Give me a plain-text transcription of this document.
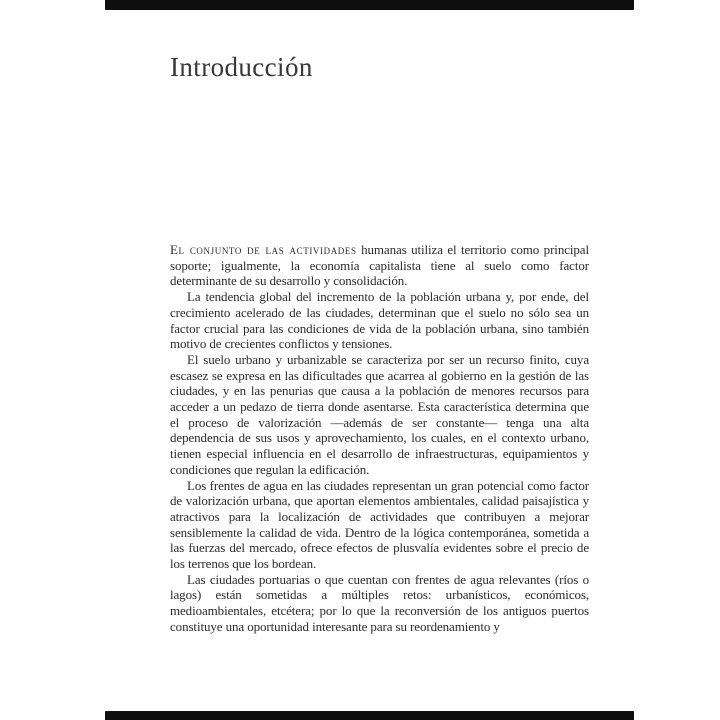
Introducción

El conjunto de las actividades humanas utiliza el territorio como principal soporte; igualmente, la economía capitalista tiene al suelo como factor determinante de su desarrollo y consolidación.

La tendencia global del incremento de la población urbana y, por ende, del crecimiento acelerado de las ciudades, determinan que el suelo no sólo sea un factor crucial para las condiciones de vida de la población urbana, sino también motivo de crecientes conflictos y tensiones.

El suelo urbano y urbanizable se caracteriza por ser un recurso finito, cuya escasez se expresa en las dificultades que acarrea al gobierno en la gestión de las ciudades, y en las penurias que causa a la población de menores recursos para acceder a un pedazo de tierra donde asentarse. Esta característica determina que el proceso de valorización —además de ser constante— tenga una alta dependencia de sus usos y aprovechamiento, los cuales, en el contexto urbano, tienen especial influencia en el desarrollo de infraestructuras, equipamientos y condiciones que regulan la edificación.

Los frentes de agua en las ciudades representan un gran potencial como factor de valorización urbana, que aportan elementos ambientales, calidad paisajística y atractivos para la localización de actividades que contribuyen a mejorar sensiblemente la calidad de vida. Dentro de la lógica contemporánea, sometida a las fuerzas del mercado, ofrece efectos de plusvalía evidentes sobre el precio de los terrenos que los bordean.

Las ciudades portuarias o que cuentan con frentes de agua relevantes (ríos o lagos) están sometidas a múltiples retos: urbanísticos, económicos, medioambientales, etcétera; por lo que la reconversión de los antiguos puertos constituye una oportunidad interesante para su reordenamiento y
